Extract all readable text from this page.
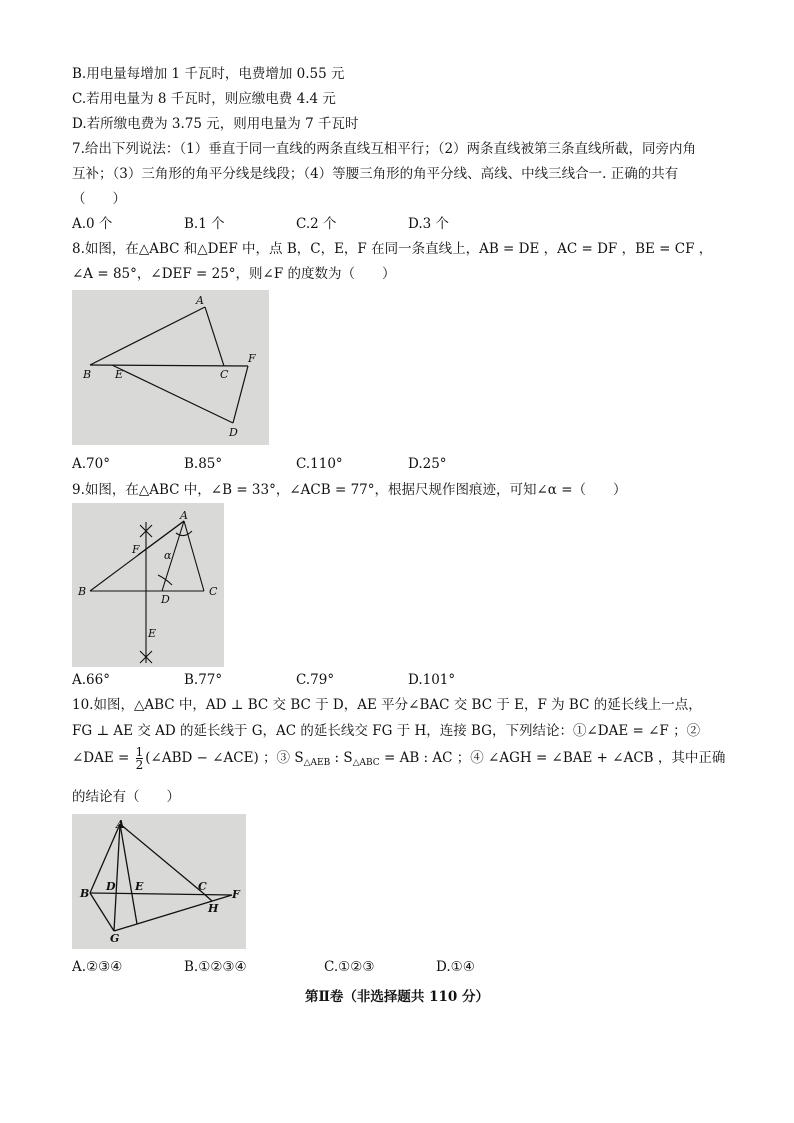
B.用电量每增加 1 千瓦时，电费增加 0.55 元
C.若用电量为 8 千瓦时，则应缴电费 4.4 元
D.若所缴电费为 3.75 元，则用电量为 7 千瓦时
7.给出下列说法：（1）垂直于同一直线的两条直线互相平行；（2）两条直线被第三条直线所截，同旁内角
互补；（3）三角形的角平分线是线段；（4）等腰三角形的角平分线、高线、中线三线合一. 正确的共有
（　　）
A.0 个	B.1 个	C.2 个	D.3 个
8.如图，在△ABC 和△DEF 中，点 B，C，E，F 在同一条直线上，AB = DE ，AC = DF ，BE = CF ，
∠A = 85°，∠DEF = 25°，则∠F 的度数为（　　）
A
B E	C
F
D
A.70°	B.85°	C.110°	D.25°
9.如图，在△ABC 中，∠B = 33°，∠ACB = 77°，根据尺规作图痕迹，可知∠α =（　　）
A
B	C
D
E
F α
A.66°	B.77°	C.79°	D.101°
10.如图，△ABC 中，AD ⊥ BC 交 BC 于 D，AE 平分∠BAC 交 BC 于 E，F 为 BC 的延长线上一点，
FG ⊥ AE 交 AD 的延长线于 G，AC 的延长线交 FG 于 H，连接 BG，下列结论：①∠DAE = ∠F ；②
∠DAE = $\frac{1}{2}$ (∠ABD − ∠ACE) ；③ $S_{\triangle AEB}$ : $S_{\triangle ABC}$ = AB : AC ；④ ∠AGH = ∠BAE + ∠ACB ，其中正确
的结论有（　　）
A
B
D E	C
F
H
G
A.②③④	B.①②③④	C.①②③	D.①④
第Ⅱ卷（非选择题共 110 分）
